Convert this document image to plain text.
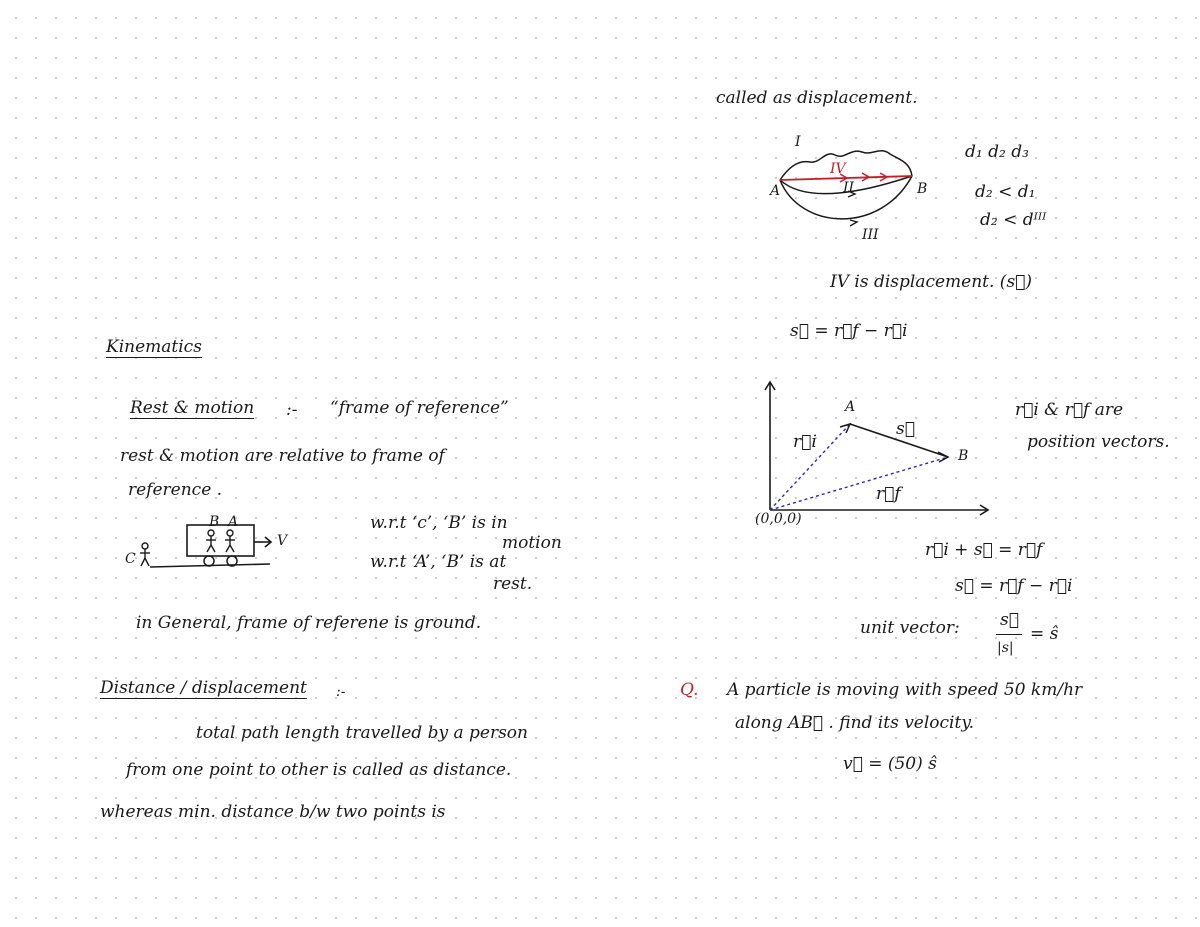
Kinematics
Rest & motion :- “frame of reference”
rest & motion are relative to frame of
reference .
B A
V
C
w.r.t ‘c’, ‘B’ is in
motion
w.r.t ‘A’, ‘B’ is at
rest.
in General, frame of referene is ground.
Distance / displacement :-
total path length travelled by a person
from one point to other is called as distance.
whereas min. distance b/w two points is
called as displacement.
I
IV
II
III
A	B
d₁ d₂ d₃
d₂ < d₁
d₂ < dᴵᴵᴵ
IV is displacement. (s⃗)
s⃗ = r⃗f − r⃗i
A
B
s⃗
r⃗i
r⃗f
(0,0,0)
r⃗i & r⃗f are
position vectors.
r⃗i + s⃗ = r⃗f
s⃗ = r⃗f − r⃗i
unit vector: s⃗
|s|
= ŝ
Q. A particle is moving with speed 50 km/hr
along AB⃗ . find its velocity.
v⃗ = (50) ŝ
